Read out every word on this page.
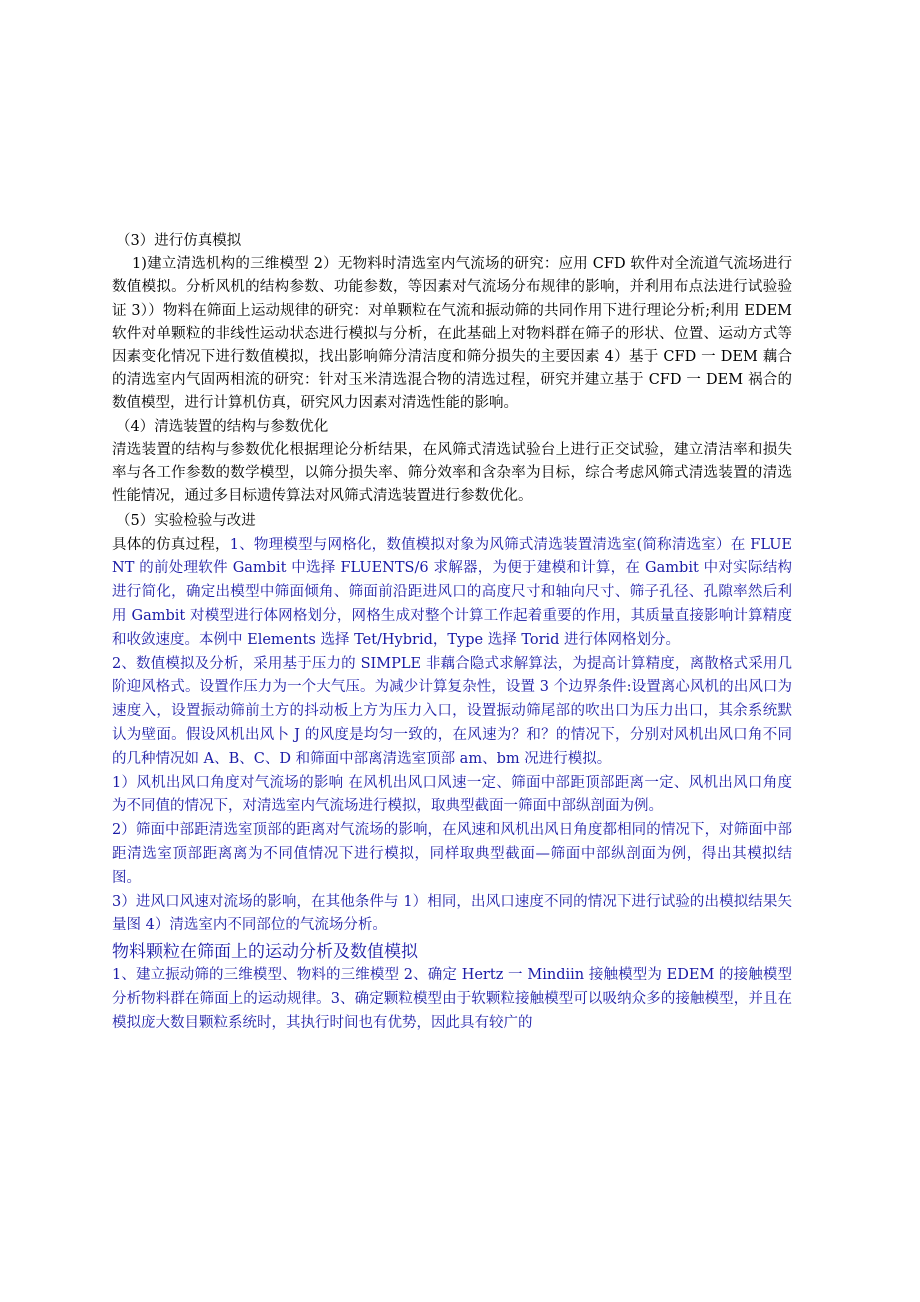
（3）进行仿真模拟

1)建立清选机构的三维模型 2）无物料时清选室内气流场的研究：应用 CFD 软件对全流道气流场进行数值模拟。分析风机的结构参数、功能参数，等因素对气流场分布规律的影响，并利用布点法进行试验验证 3））物料在筛面上运动规律的研究：对单颗粒在气流和振动筛的共同作用下进行理论分析;利用 EDEM 软件对单颗粒的非线性运动状态进行模拟与分析，在此基础上对物料群在筛子的形状、位置、运动方式等因素变化情况下进行数值模拟，找出影响筛分清洁度和筛分损失的主要因素 4）基于 CFD 一 DEM 藕合的清选室内气固两相流的研究：针对玉米清选混合物的清选过程，研究并建立基于 CFD 一 DEM 祸合的数值模型，进行计算机仿真，研究风力因素对清选性能的影响。

（4）清选装置的结构与参数优化

清选装置的结构与参数优化根据理论分析结果，在风筛式清选试验台上进行正交试验，建立清洁率和损失率与各工作参数的数学模型，以筛分损失率、筛分效率和含杂率为目标，综合考虑风筛式清选装置的清选性能情况，通过多目标遗传算法对风筛式清选装置进行参数优化。

（5）实验检验与改进

具体的仿真过程，1、物理模型与网格化，数值模拟对象为风筛式清选装置清选室(简称清选室）在 FLUENT 的前处理软件 Gambit 中选择 FLUENTS/6 求解器，为便于建模和计算，在 Gambit 中对实际结构进行简化，确定出模型中筛面倾角、筛面前沿距进风口的高度尺寸和轴向尺寸、筛子孔径、孔隙率然后利用 Gambit 对模型进行体网格划分，网格生成对整个计算工作起着重要的作用，其质量直接影响计算精度和收敛速度。本例中 Elements 选择 Tet/Hybrid，Type 选择 Torid 进行体网格划分。

2、数值模拟及分析，采用基于压力的 SIMPLE 非藕合隐式求解算法，为提高计算精度，离散格式采用几阶迎风格式。设置作压力为一个大气压。为减少计算复杂性，设置 3 个边界条件:设置离心风机的出风口为速度入，设置振动筛前土方的抖动板上方为压力入口，设置振动筛尾部的吹出口为压力出口，其余系统默认为壁面。假设风机出风卜 J 的风度是均匀一致的，在风速为？和？的情况下，分别对风机出风口角不同的几种情况如 A、B、C、D 和筛面中部离清选室顶部 am、bm 况进行模拟。

1）风机出风口角度对气流场的影响 在风机出风口风速一定、筛面中部距顶部距离一定、风机出风口角度为不同值的情况下，对清选室内气流场进行模拟，取典型截面一筛面中部纵剖面为例。

2）筛面中部距清选室顶部的距离对气流场的影响，在风速和风机出风日角度都相同的情况下，对筛面中部距清选室顶部距离离为不同值情况下进行模拟，同样取典型截面—筛面中部纵剖面为例，得出其模拟结图。

3）进风口风速对流场的影响，在其他条件与 1）相同，出风口速度不同的情况下进行试验的出模拟结果矢量图 4）清选室内不同部位的气流场分析。

物料颗粒在筛面上的运动分析及数值模拟

1、建立振动筛的三维模型、物料的三维模型 2、确定 Hertz 一 Mindiin 接触模型为 EDEM 的接触模型分析物料群在筛面上的运动规律。3、确定颗粒模型由于软颗粒接触模型可以吸纳众多的接触模型，并且在模拟庞大数目颗粒系统时，其执行时间也有优势，因此具有较广的
